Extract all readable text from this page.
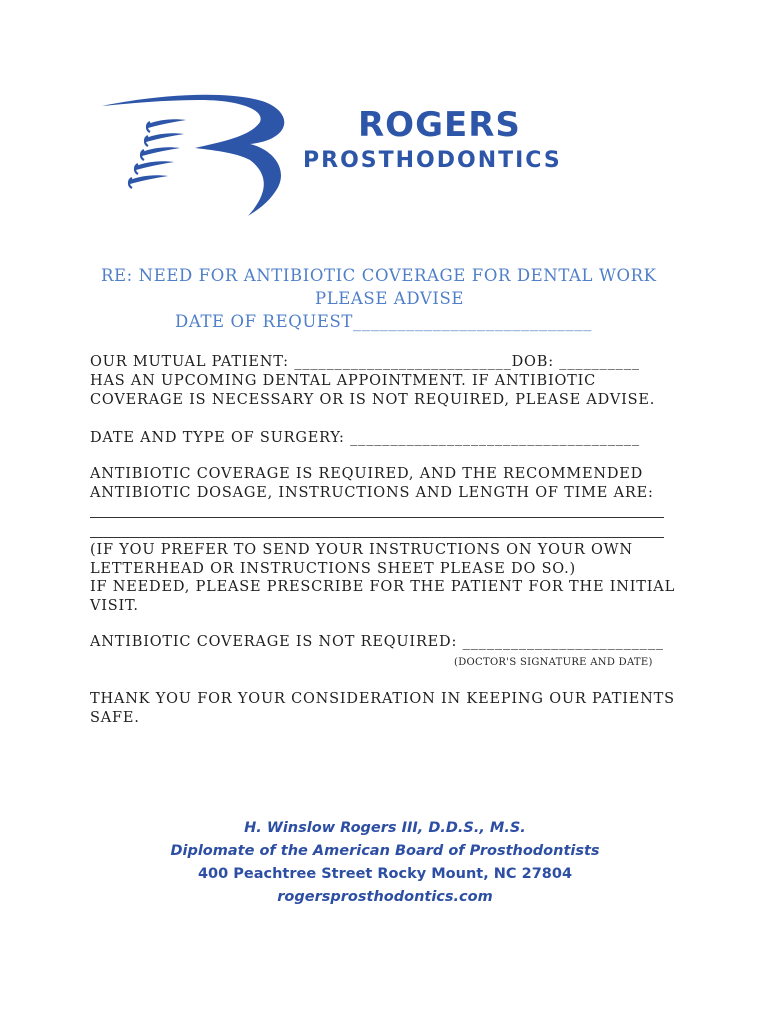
ROGERS
PROSTHODONTICS
RE: NEED FOR ANTIBIOTIC COVERAGE FOR DENTAL WORK
PLEASE ADVISE
DATE OF REQUEST___________________________
OUR MUTUAL PATIENT: ___________________________DOB: __________
HAS AN UPCOMING DENTAL APPOINTMENT. IF ANTIBIOTIC
COVERAGE IS NECESSARY OR IS NOT REQUIRED, PLEASE ADVISE.
DATE AND TYPE OF SURGERY: ____________________________________
ANTIBIOTIC COVERAGE IS REQUIRED, AND THE RECOMMENDED
ANTIBIOTIC DOSAGE, INSTRUCTIONS AND LENGTH OF TIME ARE:
(IF YOU PREFER TO SEND YOUR INSTRUCTIONS ON YOUR OWN
LETTERHEAD OR INSTRUCTIONS SHEET PLEASE DO SO.)
IF NEEDED, PLEASE PRESCRIBE FOR THE PATIENT FOR THE INITIAL
VISIT.
ANTIBIOTIC COVERAGE IS NOT REQUIRED: _________________________
(DOCTOR'S SIGNATURE AND DATE)
THANK YOU FOR YOUR CONSIDERATION IN KEEPING OUR PATIENTS
SAFE.
H. Winslow Rogers III, D.D.S., M.S.
Diplomate of the American Board of Prosthodontists
400 Peachtree Street Rocky Mount, NC 27804
rogersprosthodontics.com
